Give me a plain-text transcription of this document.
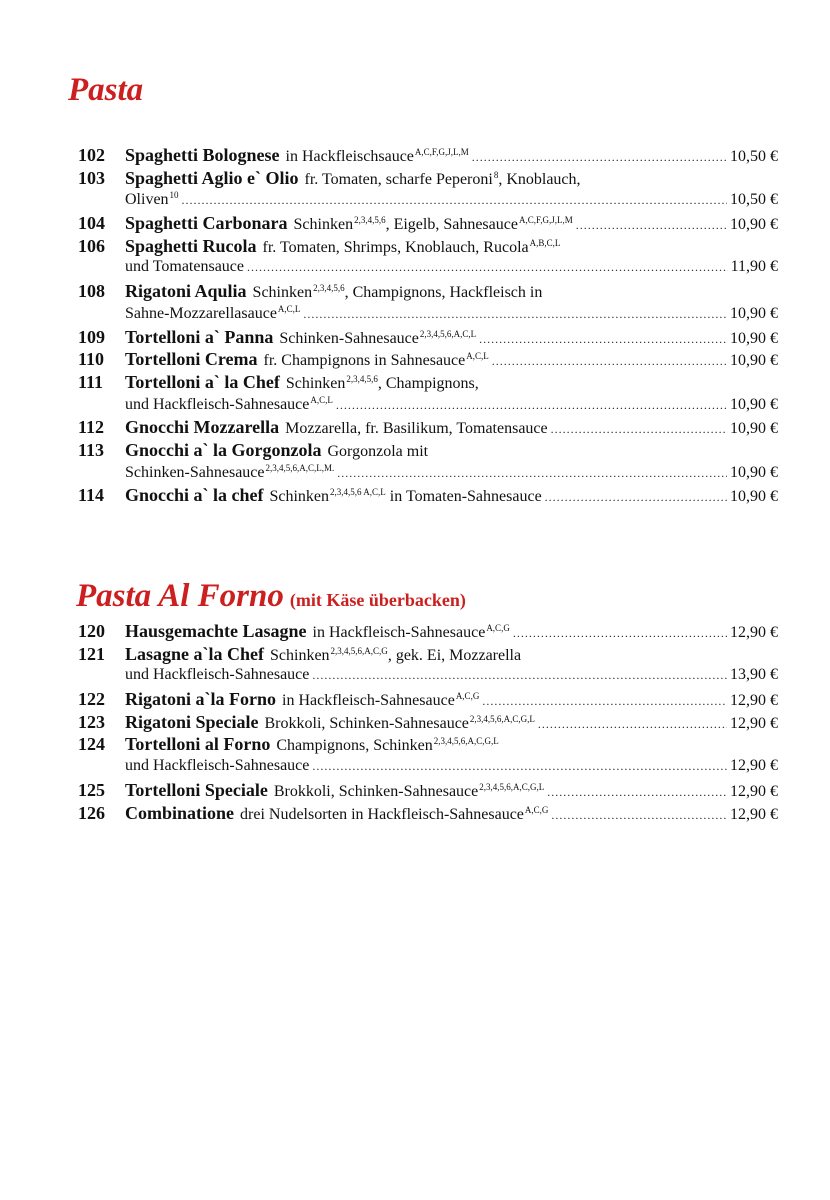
Pasta
102	Spaghetti Bolognese in Hackfleischsauce$^{A,C,F,G,J,L,M}$ .....	10,50 €
103	Spaghetti Aglio e` Olio fr. Tomaten, scharfe Peperoni$^8$, Knoblauch,
Oliven$^{10}$ .....	10,50 €
104	Spaghetti Carbonara Schinken$^{2,3,4,5,6}$, Eigelb, Sahnesauce$^{A,C,F,G,J,L,M}$ .....	10,90 €
106	Spaghetti Rucola fr. Tomaten, Shrimps, Knoblauch, Rucola$^{A,B,C,L}$
und Tomatensauce .....	11,90 €
108	Rigatoni Aqulia Schinken$^{2,3,4,5,6}$, Champignons, Hackfleisch in
Sahne-Mozzarellasauce$^{A,C,L}$ .....	10,90 €
109	Tortelloni a` Panna Schinken-Sahnesauce$^{2,3,4,5,6,A,C,L}$ .....	10,90 €
110	Tortelloni Crema fr. Champignons in Sahnesauce$^{A,C,L}$ .....	10,90 €
111	Tortelloni a` la Chef Schinken$^{2,3,4,5,6}$, Champignons,
und Hackfleisch-Sahnesauce$^{A,C,L}$ .....	10,90 €
112	Gnocchi Mozzarella Mozzarella, fr. Basilikum, Tomatensauce .....	10,90 €
113	Gnocchi a` la Gorgonzola Gorgonzola mit
Schinken-Sahnesauce$^{2,3,4,5,6,A,C,L,M.}$ .....	10,90 €
114	Gnocchi a` la chef Schinken$^{2,3,4,5,6 A,C,L}$ in Tomaten-Sahnesauce .....	10,90 €
Pasta Al Forno (mit Käse überbacken)
120	Hausgemachte Lasagne in Hackfleisch-Sahnesauce$^{A,C,G}$ .....	12,90 €
121	Lasagne a`la Chef Schinken$^{2,3,4,5,6,A,C,G}$, gek. Ei, Mozzarella
und Hackfleisch-Sahnesauce .....	13,90 €
122	Rigatoni a`la Forno in Hackfleisch-Sahnesauce$^{A,C,G}$ .....	12,90 €
123	Rigatoni Speciale Brokkoli, Schinken-Sahnesauce$^{2,3,4,5,6,A,C,G,L}$ .....	12,90 €
124	Tortelloni al Forno Champignons, Schinken$^{2,3,4,5,6,A,C,G,L}$
und Hackfleisch-Sahnesauce .....	12,90 €
125	Tortelloni Speciale Brokkoli, Schinken-Sahnesauce$^{2,3,4,5,6,A,C,G,L}$ .....	12,90 €
126	Combinatione drei Nudelsorten in Hackfleisch-Sahnesauce$^{A,C,G}$ .....	12,90 €
